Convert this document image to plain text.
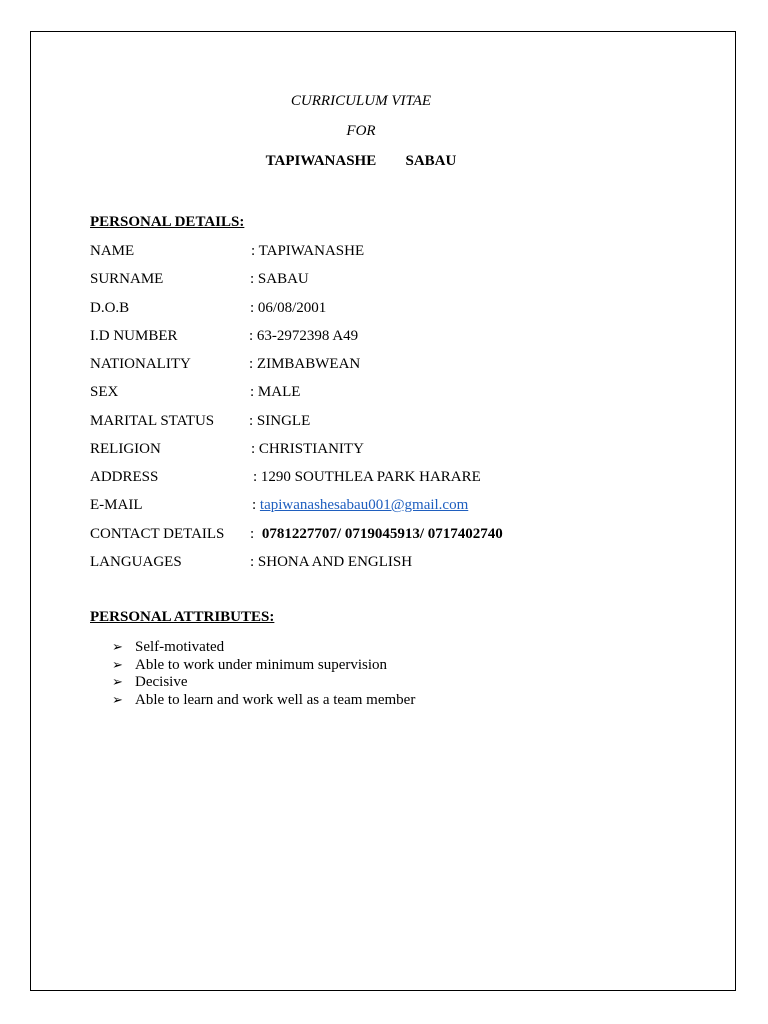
CURRICULUM VITAE
FOR
TAPIWANASHE   SABAU
PERSONAL DETAILS:
NAME	: TAPIWANASHE
SURNAME	: SABAU
D.O.B	: 06/08/2001
I.D NUMBER	: 63-2972398 A49
NATIONALITY	: ZIMBABWEAN
SEX	: MALE
MARITAL STATUS : SINGLE
RELIGION	: CHRISTIANITY
ADDRESS	: 1290 SOUTHLEA PARK HARARE
E-MAIL	: tapiwanashesabau001@gmail.com
CONTACT DETAILS : 0781227707/ 0719045913/ 0717402740
LANGUAGES	: SHONA AND ENGLISH
PERSONAL ATTRIBUTES:
➢ Self-motivated
➢ Able to work under minimum supervision
➢ Decisive
➢ Able to learn and work well as a team member
